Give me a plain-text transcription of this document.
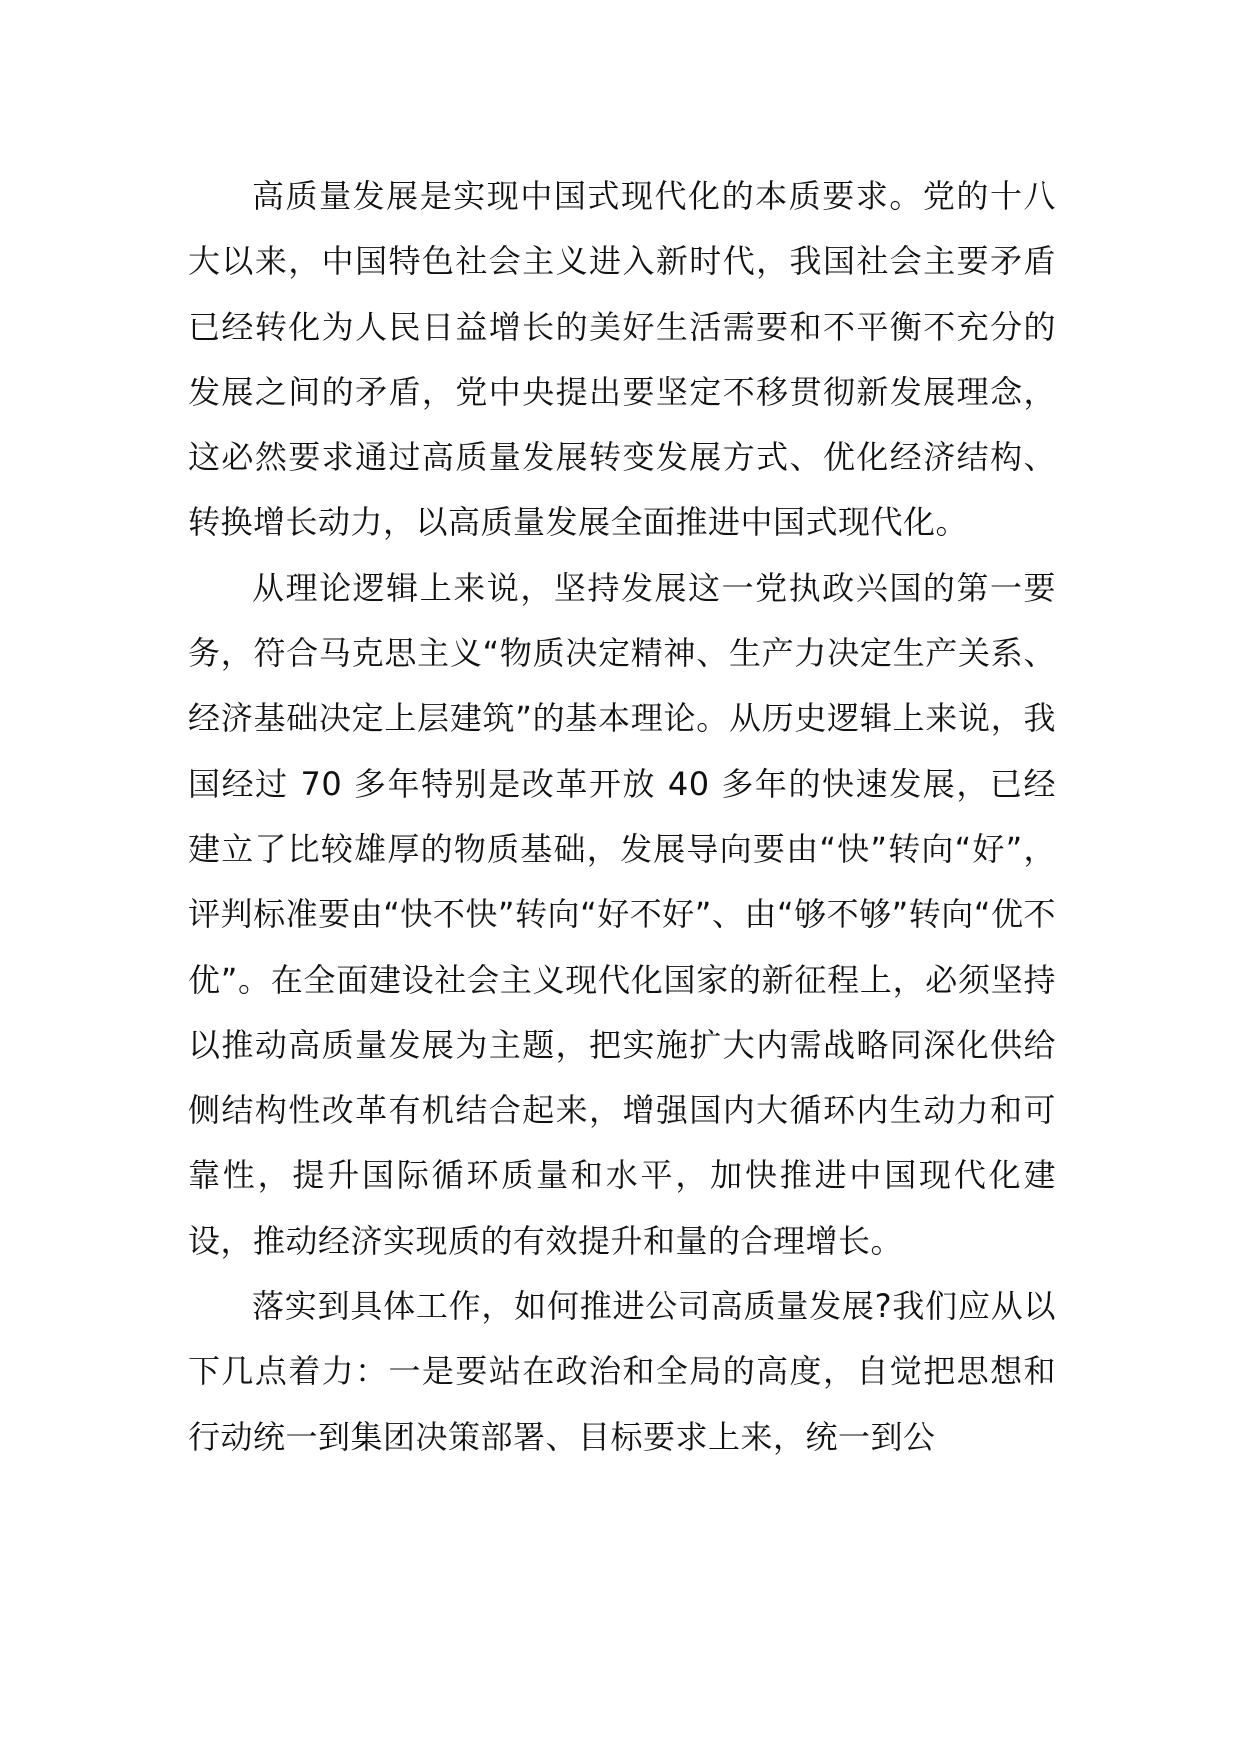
高质量发展是实现中国式现代化的本质要求。党的十八大以来，中国特色社会主义进入新时代，我国社会主要矛盾已经转化为人民日益增长的美好生活需要和不平衡不充分的发展之间的矛盾，党中央提出要坚定不移贯彻新发展理念，这必然要求通过高质量发展转变发展方式、优化经济结构、转换增长动力，以高质量发展全面推进中国式现代化。

从理论逻辑上来说，坚持发展这一党执政兴国的第一要务，符合马克思主义“物质决定精神、生产力决定生产关系、经济基础决定上层建筑”的基本理论。从历史逻辑上来说，我国经过 70 多年特别是改革开放 40 多年的快速发展，已经建立了比较雄厚的物质基础，发展导向要由“快”转向“好”，评判标准要由“快不快”转向“好不好”、由“够不够”转向“优不优”。在全面建设社会主义现代化国家的新征程上，必须坚持以推动高质量发展为主题，把实施扩大内需战略同深化供给侧结构性改革有机结合起来，增强国内大循环内生动力和可靠性，提升国际循环质量和水平，加快推进中国现代化建设，推动经济实现质的有效提升和量的合理增长。

落实到具体工作，如何推进公司高质量发展?我们应从以下几点着力：一是要站在政治和全局的高度，自觉把思想和行动统一到集团决策部署、目标要求上来，统一到公
